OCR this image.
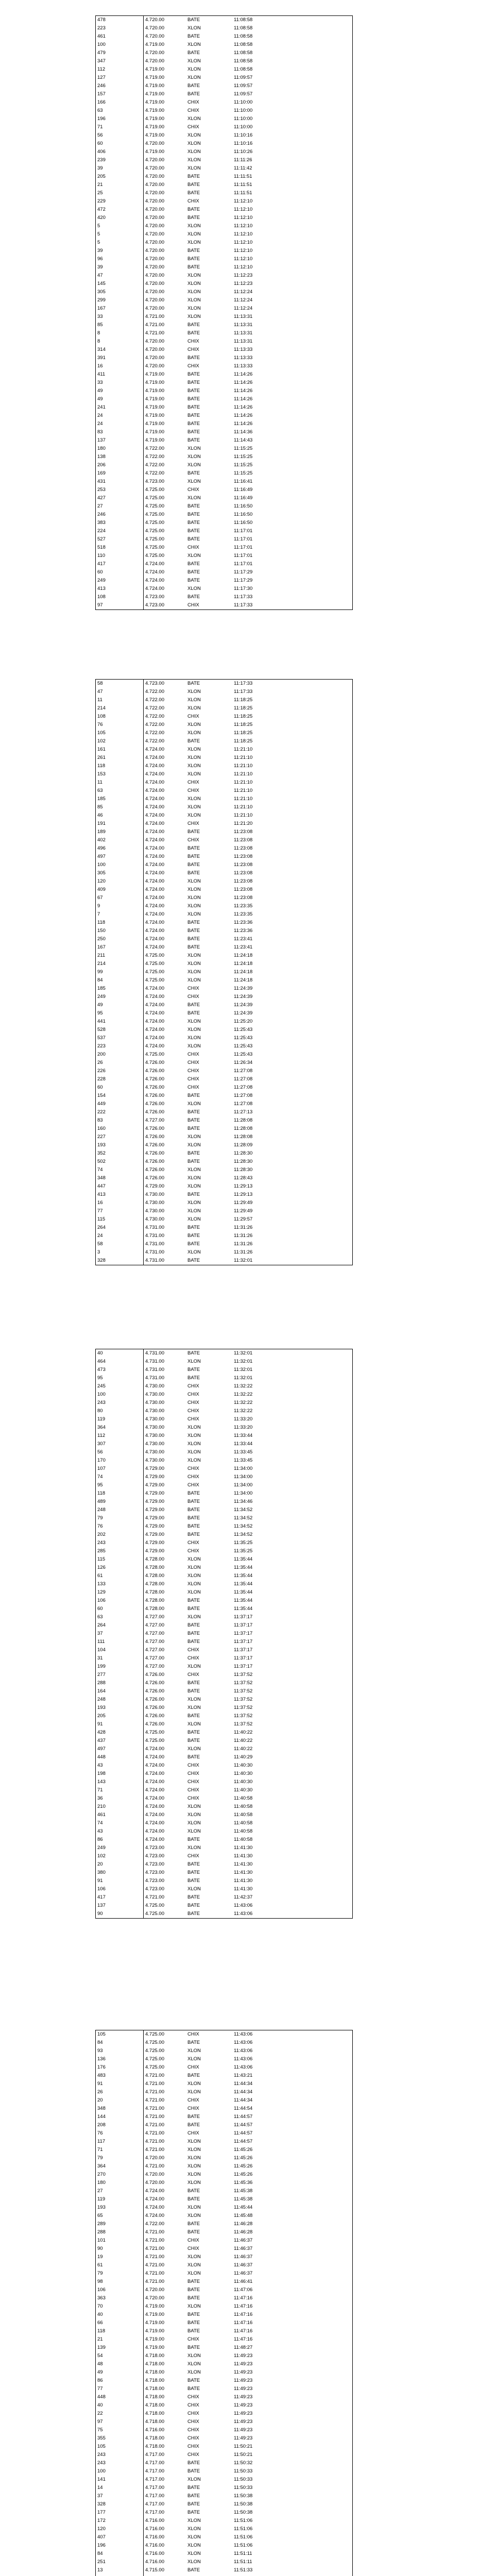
478	4.720.00	BATE	11:08:58
223	4.720.00	XLON	11:08:58
461	4.720.00	BATE	11:08:58
100	4.719.00	XLON	11:08:58
479	4.720.00	BATE	11:08:58
347	4.720.00	XLON	11:08:58
112	4.719.00	XLON	11:08:58
127	4.719.00	XLON	11:09:57
246	4.719.00	BATE	11:09:57
157	4.719.00	BATE	11:09:57
166	4.719.00	CHIX	11:10:00
63	4.719.00	CHIX	11:10:00
196	4.719.00	XLON	11:10:00
71	4.719.00	CHIX	11:10:00
56	4.719.00	XLON	11:10:16
60	4.720.00	XLON	11:10:16
406	4.719.00	XLON	11:10:26
239	4.720.00	XLON	11:11:26
39	4.720.00	XLON	11:11:42
205	4.720.00	BATE	11:11:51
21	4.720.00	BATE	11:11:51
25	4.720.00	BATE	11:11:51
229	4.720.00	CHIX	11:12:10
472	4.720.00	BATE	11:12:10
420	4.720.00	BATE	11:12:10
5	4.720.00	XLON	11:12:10
5	4.720.00	XLON	11:12:10
5	4.720.00	XLON	11:12:10
39	4.720.00	BATE	11:12:10
96	4.720.00	BATE	11:12:10
39	4.720.00	BATE	11:12:10
47	4.720.00	XLON	11:12:23
145	4.720.00	XLON	11:12:23
305	4.720.00	XLON	11:12:24
299	4.720.00	XLON	11:12:24
167	4.720.00	XLON	11:12:24
33	4.721.00	XLON	11:13:31
85	4.721.00	BATE	11:13:31
8	4.721.00	BATE	11:13:31
8	4.720.00	CHIX	11:13:31
314	4.720.00	CHIX	11:13:33
391	4.720.00	BATE	11:13:33
16	4.720.00	CHIX	11:13:33
411	4.719.00	BATE	11:14:26
33	4.719.00	BATE	11:14:26
49	4.719.00	BATE	11:14:26
49	4.719.00	BATE	11:14:26
241	4.719.00	BATE	11:14:26
24	4.719.00	BATE	11:14:26
24	4.719.00	BATE	11:14:26
83	4.719.00	BATE	11:14:36
137	4.719.00	BATE	11:14:43
180	4.722.00	XLON	11:15:25
138	4.722.00	XLON	11:15:25
206	4.722.00	XLON	11:15:25
169	4.722.00	BATE	11:15:25
431	4.723.00	XLON	11:16:41
253	4.725.00	CHIX	11:16:49
427	4.725.00	XLON	11:16:49
27	4.725.00	BATE	11:16:50
246	4.725.00	BATE	11:16:50
383	4.725.00	BATE	11:16:50
224	4.725.00	BATE	11:17:01
527	4.725.00	BATE	11:17:01
518	4.725.00	CHIX	11:17:01
110	4.725.00	XLON	11:17:01
417	4.724.00	BATE	11:17:01
60	4.724.00	BATE	11:17:29
249	4.724.00	BATE	11:17:29
413	4.724.00	XLON	11:17:30
108	4.723.00	BATE	11:17:33
97	4.723.00	CHIX	11:17:33
58	4.723.00	BATE	11:17:33
47	4.722.00	XLON	11:17:33
11	4.722.00	XLON	11:18:25
214	4.722.00	XLON	11:18:25
108	4.722.00	CHIX	11:18:25
76	4.722.00	XLON	11:18:25
105	4.722.00	XLON	11:18:25
102	4.722.00	BATE	11:18:25
161	4.724.00	XLON	11:21:10
261	4.724.00	XLON	11:21:10
118	4.724.00	XLON	11:21:10
153	4.724.00	XLON	11:21:10
11	4.724.00	CHIX	11:21:10
63	4.724.00	CHIX	11:21:10
185	4.724.00	XLON	11:21:10
85	4.724.00	XLON	11:21:10
46	4.724.00	XLON	11:21:10
191	4.724.00	CHIX	11:21:20
189	4.724.00	BATE	11:23:08
402	4.724.00	CHIX	11:23:08
496	4.724.00	BATE	11:23:08
497	4.724.00	BATE	11:23:08
100	4.724.00	BATE	11:23:08
305	4.724.00	BATE	11:23:08
120	4.724.00	XLON	11:23:08
409	4.724.00	XLON	11:23:08
67	4.724.00	XLON	11:23:08
9	4.724.00	XLON	11:23:35
7	4.724.00	XLON	11:23:35
118	4.724.00	BATE	11:23:36
150	4.724.00	BATE	11:23:36
250	4.724.00	BATE	11:23:41
167	4.724.00	BATE	11:23:41
211	4.725.00	XLON	11:24:18
214	4.725.00	XLON	11:24:18
99	4.725.00	XLON	11:24:18
84	4.725.00	XLON	11:24:18
185	4.724.00	CHIX	11:24:39
249	4.724.00	CHIX	11:24:39
49	4.724.00	BATE	11:24:39
95	4.724.00	BATE	11:24:39
441	4.724.00	XLON	11:25:20
528	4.724.00	XLON	11:25:43
537	4.724.00	XLON	11:25:43
223	4.724.00	XLON	11:25:43
200	4.725.00	CHIX	11:25:43
26	4.726.00	CHIX	11:26:34
226	4.726.00	CHIX	11:27:08
228	4.726.00	CHIX	11:27:08
60	4.726.00	CHIX	11:27:08
154	4.726.00	BATE	11:27:08
449	4.726.00	XLON	11:27:08
222	4.726.00	BATE	11:27:13
83	4.727.00	BATE	11:28:08
160	4.726.00	BATE	11:28:08
227	4.726.00	XLON	11:28:08
193	4.726.00	XLON	11:28:09
352	4.726.00	BATE	11:28:30
502	4.726.00	BATE	11:28:30
74	4.726.00	XLON	11:28:30
348	4.726.00	XLON	11:28:43
447	4.729.00	XLON	11:29:13
413	4.730.00	BATE	11:29:13
16	4.730.00	XLON	11:29:49
77	4.730.00	XLON	11:29:49
115	4.730.00	XLON	11:29:57
264	4.731.00	BATE	11:31:26
24	4.731.00	BATE	11:31:26
58	4.731.00	BATE	11:31:26
3	4.731.00	XLON	11:31:26
328	4.731.00	BATE	11:32:01
40	4.731.00	BATE	11:32:01
464	4.731.00	XLON	11:32:01
473	4.731.00	BATE	11:32:01
95	4.731.00	BATE	11:32:01
245	4.730.00	CHIX	11:32:22
100	4.730.00	CHIX	11:32:22
243	4.730.00	CHIX	11:32:22
80	4.730.00	CHIX	11:32:22
119	4.730.00	CHIX	11:33:20
364	4.730.00	XLON	11:33:20
112	4.730.00	XLON	11:33:44
307	4.730.00	XLON	11:33:44
56	4.730.00	XLON	11:33:45
170	4.730.00	XLON	11:33:45
107	4.729.00	CHIX	11:34:00
74	4.729.00	CHIX	11:34:00
95	4.729.00	CHIX	11:34:00
118	4.729.00	BATE	11:34:00
489	4.729.00	BATE	11:34:46
248	4.729.00	BATE	11:34:52
79	4.729.00	BATE	11:34:52
76	4.729.00	BATE	11:34:52
202	4.729.00	BATE	11:34:52
243	4.729.00	CHIX	11:35:25
285	4.729.00	CHIX	11:35:25
115	4.728.00	XLON	11:35:44
126	4.728.00	XLON	11:35:44
61	4.728.00	XLON	11:35:44
133	4.728.00	XLON	11:35:44
129	4.728.00	XLON	11:35:44
106	4.728.00	BATE	11:35:44
60	4.728.00	BATE	11:35:44
63	4.727.00	XLON	11:37:17
264	4.727.00	BATE	11:37:17
37	4.727.00	BATE	11:37:17
111	4.727.00	BATE	11:37:17
104	4.727.00	CHIX	11:37:17
31	4.727.00	CHIX	11:37:17
199	4.727.00	XLON	11:37:17
277	4.726.00	CHIX	11:37:52
288	4.726.00	BATE	11:37:52
164	4.726.00	BATE	11:37:52
248	4.726.00	XLON	11:37:52
193	4.726.00	XLON	11:37:52
205	4.726.00	BATE	11:37:52
91	4.726.00	XLON	11:37:52
428	4.725.00	BATE	11:40:22
437	4.725.00	BATE	11:40:22
497	4.724.00	XLON	11:40:22
448	4.724.00	BATE	11:40:29
43	4.724.00	CHIX	11:40:30
198	4.724.00	CHIX	11:40:30
143	4.724.00	CHIX	11:40:30
71	4.724.00	CHIX	11:40:30
36	4.724.00	CHIX	11:40:58
210	4.724.00	XLON	11:40:58
461	4.724.00	XLON	11:40:58
74	4.724.00	XLON	11:40:58
43	4.724.00	XLON	11:40:58
86	4.724.00	BATE	11:40:58
249	4.723.00	XLON	11:41:30
102	4.723.00	CHIX	11:41:30
20	4.723.00	BATE	11:41:30
380	4.723.00	BATE	11:41:30
91	4.723.00	BATE	11:41:30
106	4.723.00	XLON	11:41:30
417	4.721.00	BATE	11:42:37
137	4.725.00	BATE	11:43:06
90	4.725.00	BATE	11:43:06
105	4.725.00	CHIX	11:43:06
84	4.725.00	BATE	11:43:06
93	4.725.00	XLON	11:43:06
136	4.725.00	XLON	11:43:06
176	4.725.00	CHIX	11:43:06
483	4.721.00	BATE	11:43:21
91	4.721.00	XLON	11:44:34
26	4.721.00	XLON	11:44:34
20	4.721.00	CHIX	11:44:34
348	4.721.00	CHIX	11:44:54
144	4.721.00	BATE	11:44:57
208	4.721.00	BATE	11:44:57
76	4.721.00	CHIX	11:44:57
117	4.721.00	XLON	11:44:57
71	4.721.00	XLON	11:45:26
79	4.720.00	XLON	11:45:26
364	4.721.00	XLON	11:45:26
270	4.720.00	XLON	11:45:26
180	4.720.00	XLON	11:45:36
27	4.724.00	BATE	11:45:38
119	4.724.00	BATE	11:45:38
193	4.724.00	XLON	11:45:44
65	4.724.00	XLON	11:45:48
289	4.722.00	BATE	11:46:28
288	4.721.00	BATE	11:46:28
101	4.721.00	CHIX	11:46:37
90	4.721.00	CHIX	11:46:37
19	4.721.00	XLON	11:46:37
61	4.721.00	XLON	11:46:37
79	4.721.00	XLON	11:46:37
98	4.721.00	BATE	11:46:41
106	4.720.00	BATE	11:47:06
363	4.720.00	BATE	11:47:16
70	4.719.00	XLON	11:47:16
40	4.719.00	BATE	11:47:16
66	4.719.00	BATE	11:47:16
118	4.719.00	BATE	11:47:16
21	4.719.00	CHIX	11:47:16
139	4.719.00	BATE	11:48:27
54	4.718.00	XLON	11:49:23
48	4.718.00	XLON	11:49:23
49	4.718.00	XLON	11:49:23
86	4.718.00	BATE	11:49:23
77	4.718.00	BATE	11:49:23
448	4.718.00	CHIX	11:49:23
40	4.718.00	CHIX	11:49:23
22	4.718.00	CHIX	11:49:23
97	4.718.00	CHIX	11:49:23
75	4.716.00	CHIX	11:49:23
355	4.718.00	CHIX	11:49:23
105	4.718.00	CHIX	11:50:21
243	4.717.00	CHIX	11:50:21
243	4.717.00	BATE	11:50:32
100	4.717.00	BATE	11:50:33
141	4.717.00	XLON	11:50:33
14	4.717.00	BATE	11:50:33
37	4.717.00	BATE	11:50:38
328	4.717.00	BATE	11:50:38
177	4.717.00	BATE	11:50:38
172	4.716.00	XLON	11:51:06
120	4.716.00	XLON	11:51:06
407	4.716.00	XLON	11:51:06
196	4.716.00	XLON	11:51:06
84	4.716.00	XLON	11:51:11
251	4.716.00	XLON	11:51:11
13	4.715.00	BATE	11:51:33
